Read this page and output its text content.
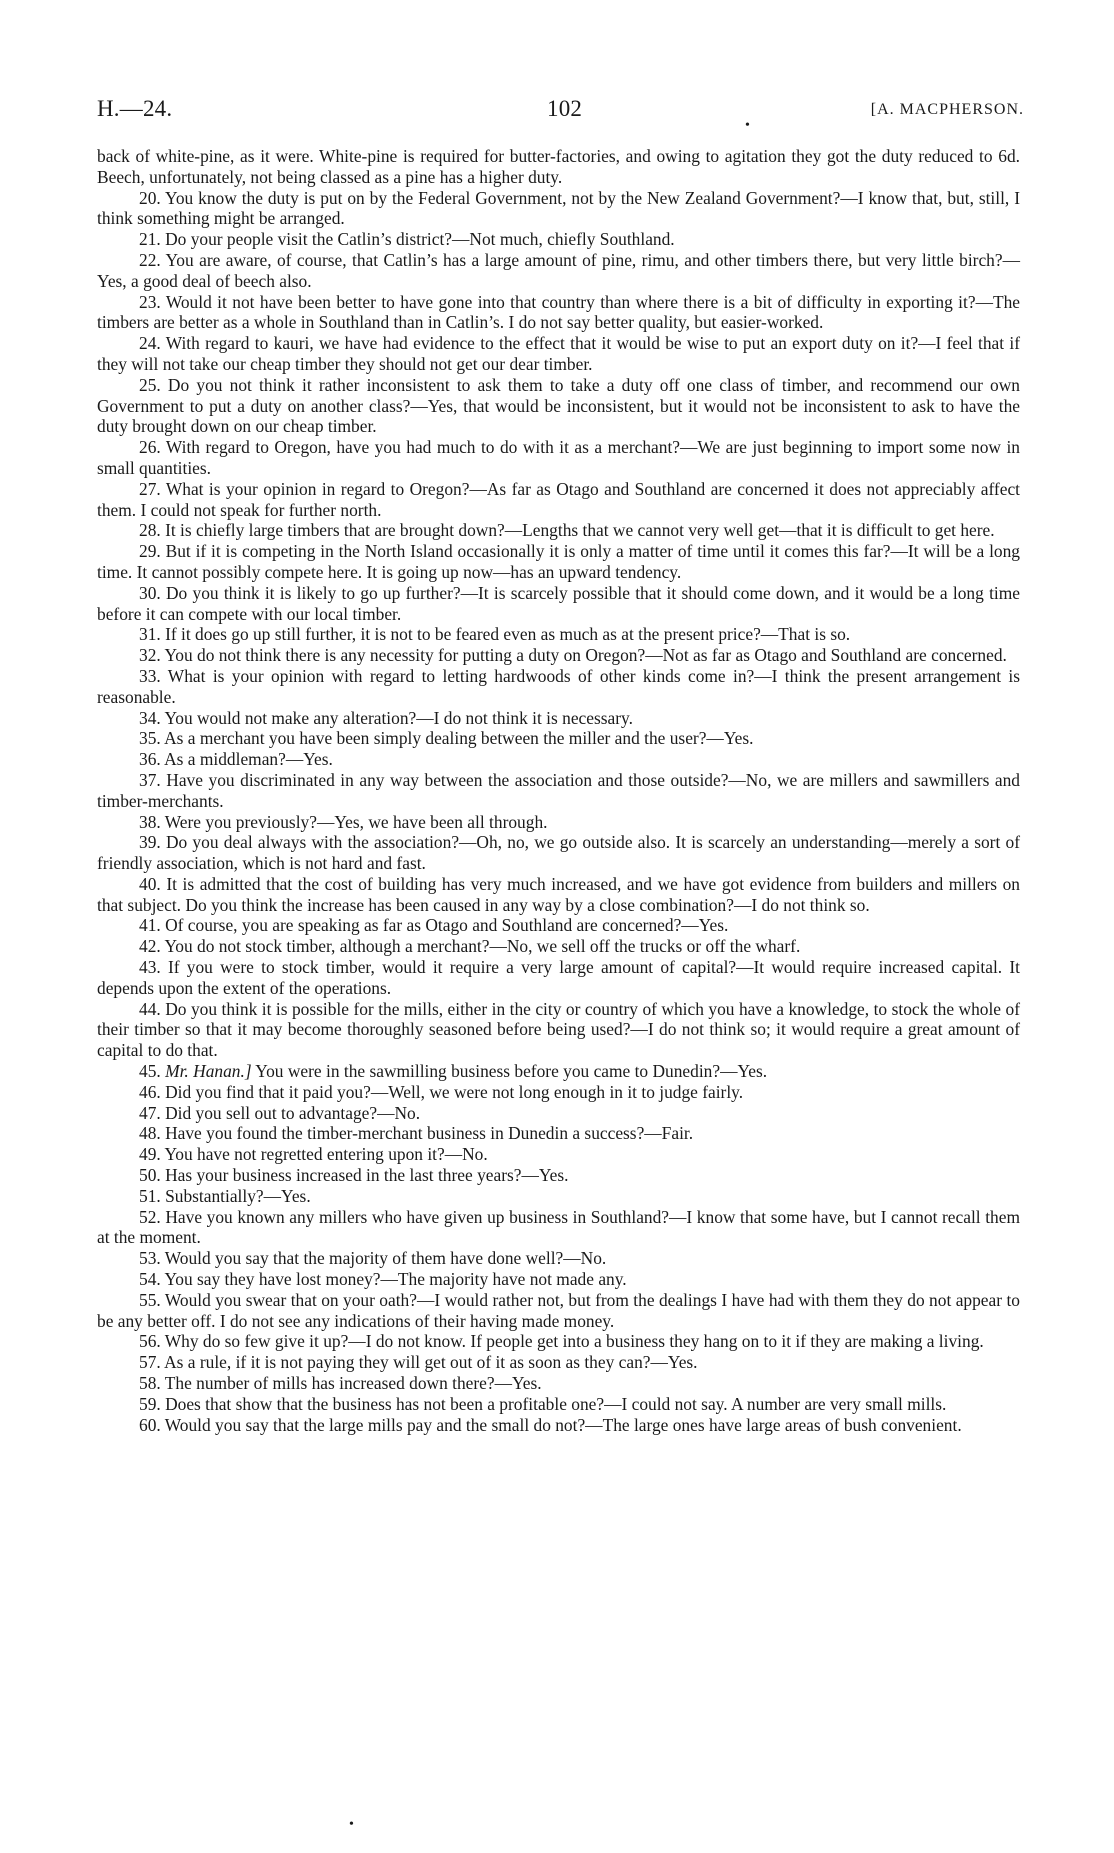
H.—24.	102
•
[A. MACPHERSON.

back of white-pine, as it were. White-pine is required for butter-factories, and owing to agitation they got the duty reduced to 6d. Beech, unfortunately, not being classed as a pine has a higher duty.

20. You know the duty is put on by the Federal Government, not by the New Zealand Government?—I know that, but, still, I think something might be arranged.

21. Do your people visit the Catlin’s district?—Not much, chiefly Southland.

22. You are aware, of course, that Catlin’s has a large amount of pine, rimu, and other timbers there, but very little birch?—Yes, a good deal of beech also.

23. Would it not have been better to have gone into that country than where there is a bit of difficulty in exporting it?—The timbers are better as a whole in Southland than in Catlin’s. I do not say better quality, but easier-worked.

24. With regard to kauri, we have had evidence to the effect that it would be wise to put an export duty on it?—I feel that if they will not take our cheap timber they should not get our dear timber.

25. Do you not think it rather inconsistent to ask them to take a duty off one class of timber, and recommend our own Government to put a duty on another class?—Yes, that would be inconsistent, but it would not be inconsistent to ask to have the duty brought down on our cheap timber.

26. With regard to Oregon, have you had much to do with it as a merchant?—We are just beginning to import some now in small quantities.

27. What is your opinion in regard to Oregon?—As far as Otago and Southland are concerned it does not appreciably affect them. I could not speak for further north.

28. It is chiefly large timbers that are brought down?—Lengths that we cannot very well get—that it is difficult to get here.

29. But if it is competing in the North Island occasionally it is only a matter of time until it comes this far?—It will be a long time. It cannot possibly compete here. It is going up now—has an upward tendency.

30. Do you think it is likely to go up further?—It is scarcely possible that it should come down, and it would be a long time before it can compete with our local timber.

31. If it does go up still further, it is not to be feared even as much as at the present price?—That is so.

32. You do not think there is any necessity for putting a duty on Oregon?—Not as far as Otago and Southland are concerned.

33. What is your opinion with regard to letting hardwoods of other kinds come in?—I think the present arrangement is reasonable.

34. You would not make any alteration?—I do not think it is necessary.

35. As a merchant you have been simply dealing between the miller and the user?—Yes.

36. As a middleman?—Yes.

37. Have you discriminated in any way between the association and those outside?—No, we are millers and sawmillers and timber-merchants.

38. Were you previously?—Yes, we have been all through.

39. Do you deal always with the association?—Oh, no, we go outside also. It is scarcely an understanding—merely a sort of friendly association, which is not hard and fast.

40. It is admitted that the cost of building has very much increased, and we have got evidence from builders and millers on that subject. Do you think the increase has been caused in any way by a close combination?—I do not think so.

41. Of course, you are speaking as far as Otago and Southland are concerned?—Yes.

42. You do not stock timber, although a merchant?—No, we sell off the trucks or off the wharf.

43. If you were to stock timber, would it require a very large amount of capital?—It would require increased capital. It depends upon the extent of the operations.

44. Do you think it is possible for the mills, either in the city or country of which you have a knowledge, to stock the whole of their timber so that it may become thoroughly seasoned before being used?—I do not think so; it would require a great amount of capital to do that.

45. Mr. Hanan.] You were in the sawmilling business before you came to Dunedin?—Yes.

46. Did you find that it paid you?—Well, we were not long enough in it to judge fairly.

47. Did you sell out to advantage?—No.

48. Have you found the timber-merchant business in Dunedin a success?—Fair.

49. You have not regretted entering upon it?—No.

50. Has your business increased in the last three years?—Yes.

51. Substantially?—Yes.

52. Have you known any millers who have given up business in Southland?—I know that some have, but I cannot recall them at the moment.

53. Would you say that the majority of them have done well?—No.

54. You say they have lost money?—The majority have not made any.

55. Would you swear that on your oath?—I would rather not, but from the dealings I have had with them they do not appear to be any better off. I do not see any indications of their having made money.

56. Why do so few give it up?—I do not know. If people get into a business they hang on to it if they are making a living.

57. As a rule, if it is not paying they will get out of it as soon as they can?—Yes.

58. The number of mills has increased down there?—Yes.

59. Does that show that the business has not been a profitable one?—I could not say. A number are very small mills.

60. Would you say that the large mills pay and the small do not?—The large ones have large areas of bush convenient.

•
